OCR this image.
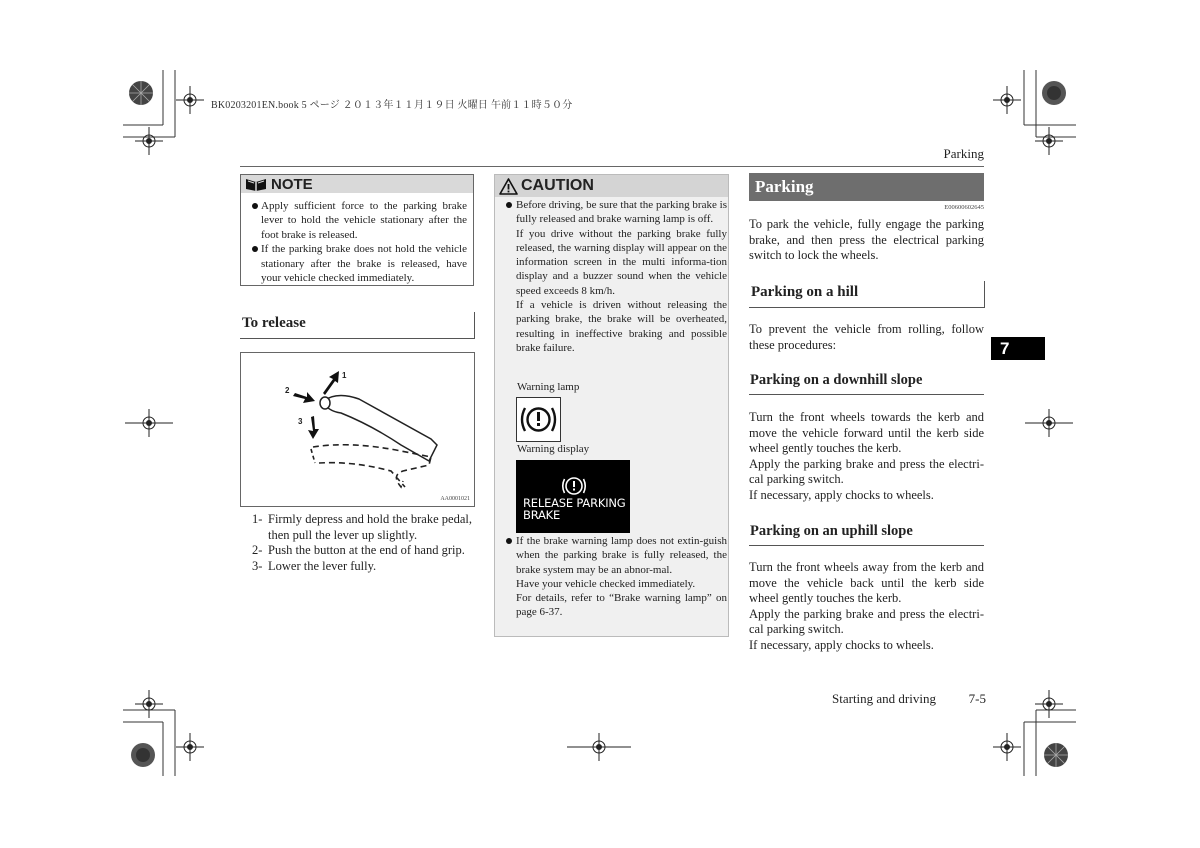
BK0203201EN.book 5 ページ ２０１３年１１月１９日 火曜日 午前１１時５０分
Parking
NOTE
Apply sufficient force to the parking brake lever to hold the vehicle stationary after the foot brake is released.
If the parking brake does not hold the vehicle stationary after the brake is released, have your vehicle checked immediately.
To release
1
2
3
AA0001021
1- Firmly depress and hold the brake pedal, then pull the lever up slightly.
2- Push the button at the end of hand grip.
3- Lower the lever fully.
CAUTION

Before driving, be sure that the parking brake is fully released and brake warning lamp is off.

If you drive without the parking brake fully released, the warning display will appear on the information screen in the multi informa-tion display and a buzzer sound when the vehicle speed exceeds 8 km/h.

If a vehicle is driven without releasing the parking brake, the brake will be overheated, resulting in ineffective braking and possible brake failure.

Warning lamp
Warning display
RELEASE PARKING
BRAKE

If the brake warning lamp does not extin-guish when the parking brake is fully released, the brake system may be an abnor-mal.

Have your vehicle checked immediately.

For details, refer to “Brake warning lamp” on page 6-37.

Parking
E00600602645
To park the vehicle, fully engage the parking brake, and then press the electrical parking switch to lock the wheels.
Parking on a hill
To prevent the vehicle from rolling, follow these procedures:
Parking on a downhill slope
Turn the front wheels towards the kerb and move the vehicle forward until the kerb side wheel gently touches the kerb.
Apply the parking brake and press the electri-cal parking switch.
If necessary, apply chocks to wheels.
Parking on an uphill slope
Turn the front wheels away from the kerb and move the vehicle back until the kerb side wheel gently touches the kerb.
Apply the parking brake and press the electri-cal parking switch.
If necessary, apply chocks to wheels.
7
Starting and driving	7-5
